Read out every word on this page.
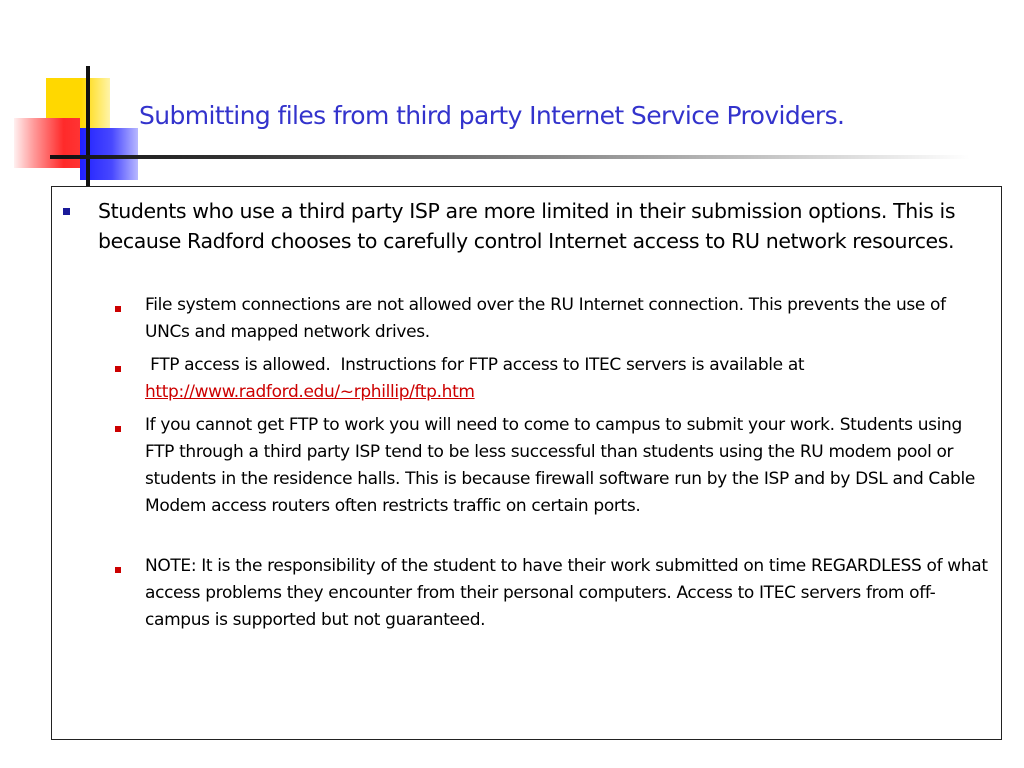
Submitting files from third party Internet Service Providers.
Students who use a third party ISP are more limited in their submission options. This is because Radford chooses to carefully control Internet access to RU network resources.
File system connections are not allowed over the RU Internet connection. This prevents the use of UNCs and mapped network drives.
FTP access is allowed.  Instructions for FTP access to ITEC servers is available at http://www.radford.edu/~rphillip/ftp.htm
If you cannot get FTP to work you will need to come to campus to submit your work. Students using FTP through a third party ISP tend to be less successful than students using the RU modem pool or students in the residence halls. This is because firewall software run by the ISP and by DSL and Cable Modem access routers often restricts traffic on certain ports.
NOTE: It is the responsibility of the student to have their work submitted on time REGARDLESS of what access problems they encounter from their personal computers. Access to ITEC servers from off-campus is supported but not guaranteed.
